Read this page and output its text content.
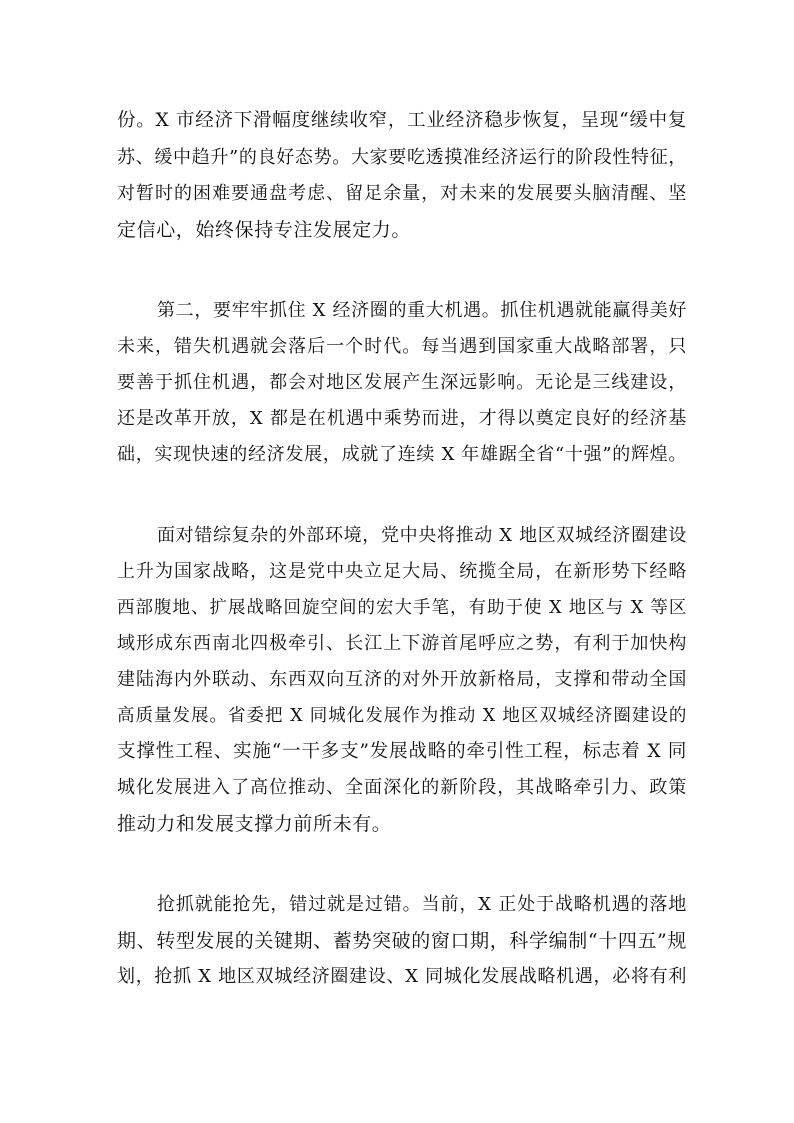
份。X 市经济下滑幅度继续收窄，工业经济稳步恢复，呈现“缓中复
苏、缓中趋升”的良好态势。大家要吃透摸准经济运行的阶段性特征，
对暂时的困难要通盘考虑、留足余量，对未来的发展要头脑清醒、坚
定信心，始终保持专注发展定力。
第二，要牢牢抓住 X 经济圈的重大机遇。抓住机遇就能赢得美好
未来，错失机遇就会落后一个时代。每当遇到国家重大战略部署，只
要善于抓住机遇，都会对地区发展产生深远影响。无论是三线建设，
还是改革开放，X 都是在机遇中乘势而进，才得以奠定良好的经济基
础，实现快速的经济发展，成就了连续 X 年雄踞全省“十强”的辉煌。
面对错综复杂的外部环境，党中央将推动 X 地区双城经济圈建设
上升为国家战略，这是党中央立足大局、统揽全局，在新形势下经略
西部腹地、扩展战略回旋空间的宏大手笔，有助于使 X 地区与 X 等区
域形成东西南北四极牵引、长江上下游首尾呼应之势，有利于加快构
建陆海内外联动、东西双向互济的对外开放新格局，支撑和带动全国
高质量发展。省委把 X 同城化发展作为推动 X 地区双城经济圈建设的
支撑性工程、实施“一干多支”发展战略的牵引性工程，标志着 X 同
城化发展进入了高位推动、全面深化的新阶段，其战略牵引力、政策
推动力和发展支撑力前所未有。
抢抓就能抢先，错过就是过错。当前，X 正处于战略机遇的落地
期、转型发展的关键期、蓄势突破的窗口期，科学编制“十四五”规
划，抢抓 X 地区双城经济圈建设、X 同城化发展战略机遇，必将有利
